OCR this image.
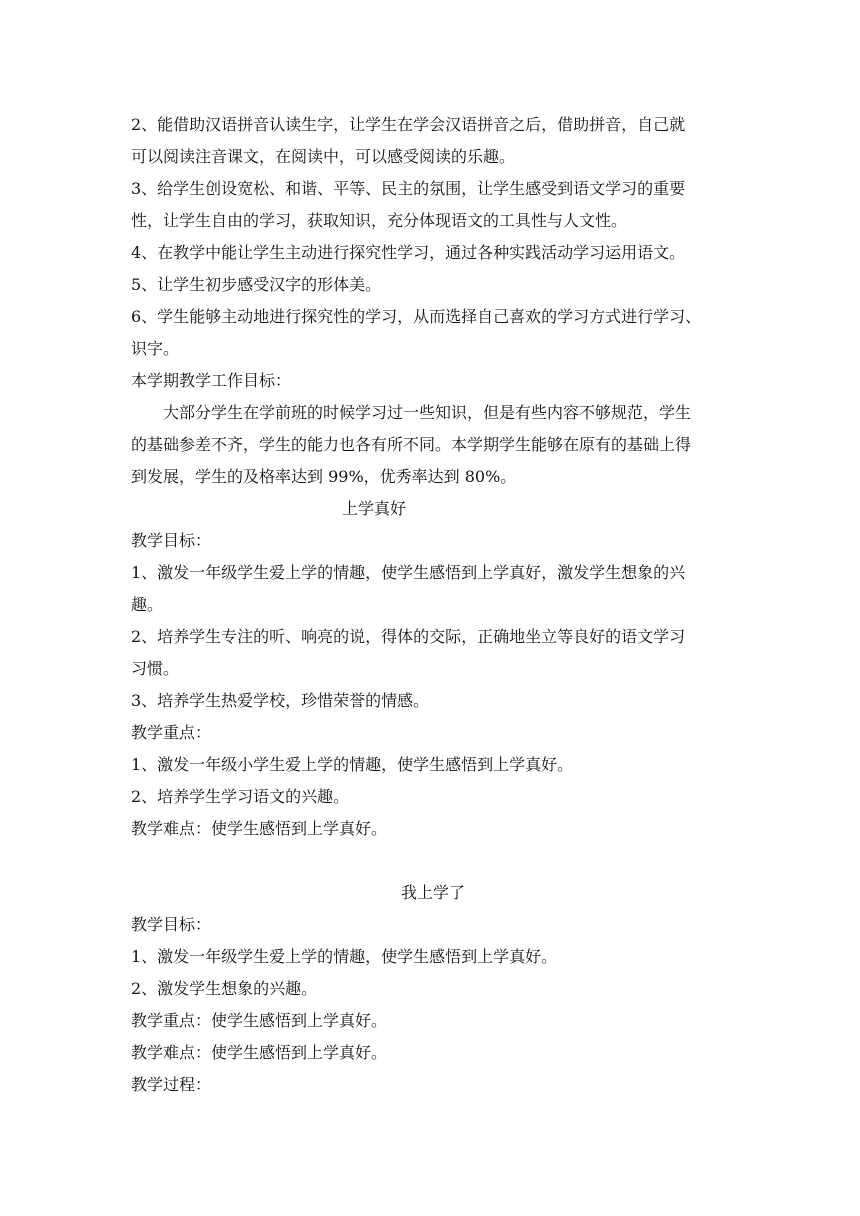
2、能借助汉语拼音认读生字，让学生在学会汉语拼音之后，借助拼音，自己就
可以阅读注音课文，在阅读中，可以感受阅读的乐趣。
3、给学生创设宽松、和谐、平等、民主的氛围，让学生感受到语文学习的重要
性，让学生自由的学习，获取知识，充分体现语文的工具性与人文性。
4、在教学中能让学生主动进行探究性学习，通过各种实践活动学习运用语文。
5、让学生初步感受汉字的形体美。
6、学生能够主动地进行探究性的学习，从而选择自己喜欢的学习方式进行学习、
识字。
本学期教学工作目标：
大部分学生在学前班的时候学习过一些知识，但是有些内容不够规范，学生
的基础参差不齐，学生的能力也各有所不同。本学期学生能够在原有的基础上得
到发展，学生的及格率达到 99%，优秀率达到 80%。
上学真好
教学目标：
1、激发一年级学生爱上学的情趣，使学生感悟到上学真好，激发学生想象的兴
趣。
2、培养学生专注的听、响亮的说，得体的交际，正确地坐立等良好的语文学习
习惯。
3、培养学生热爱学校，珍惜荣誉的情感。
教学重点：
1、激发一年级小学生爱上学的情趣，使学生感悟到上学真好。
2、培养学生学习语文的兴趣。
教学难点：使学生感悟到上学真好。
我上学了
教学目标：
1、激发一年级学生爱上学的情趣，使学生感悟到上学真好。
2、激发学生想象的兴趣。
教学重点：使学生感悟到上学真好。
教学难点：使学生感悟到上学真好。
教学过程：
